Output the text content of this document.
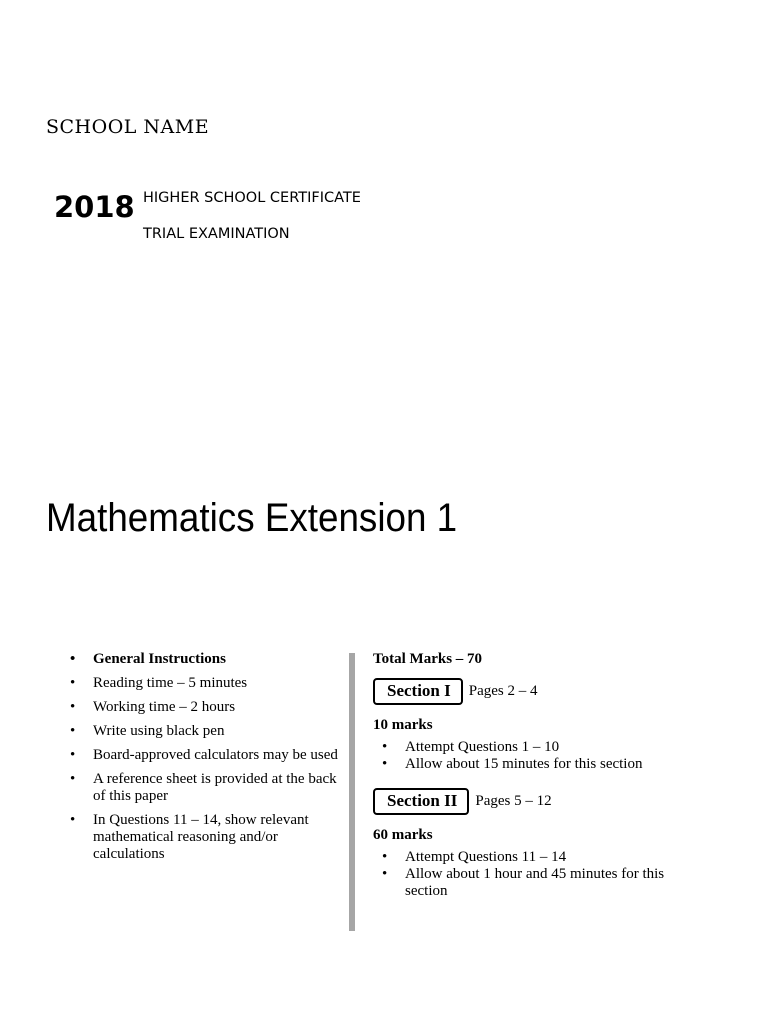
SCHOOL NAME
2018 HIGHER SCHOOL CERTIFICATE
TRIAL EXAMINATION
Mathematics Extension 1
• General Instructions
• Reading time – 5 minutes
• Working time – 2 hours
• Write using black pen
• Board-approved calculators may be used
• A reference sheet is provided at the back of this paper
• In Questions 11 – 14, show relevant mathematical reasoning and/or calculations
Total Marks – 70
Section I	Pages 2 – 4
10 marks
• Attempt Questions 1 – 10
• Allow about 15 minutes for this section
Section II	Pages 5 – 12
60 marks
• Attempt Questions 11 – 14
• Allow about 1 hour and 45 minutes for this section
